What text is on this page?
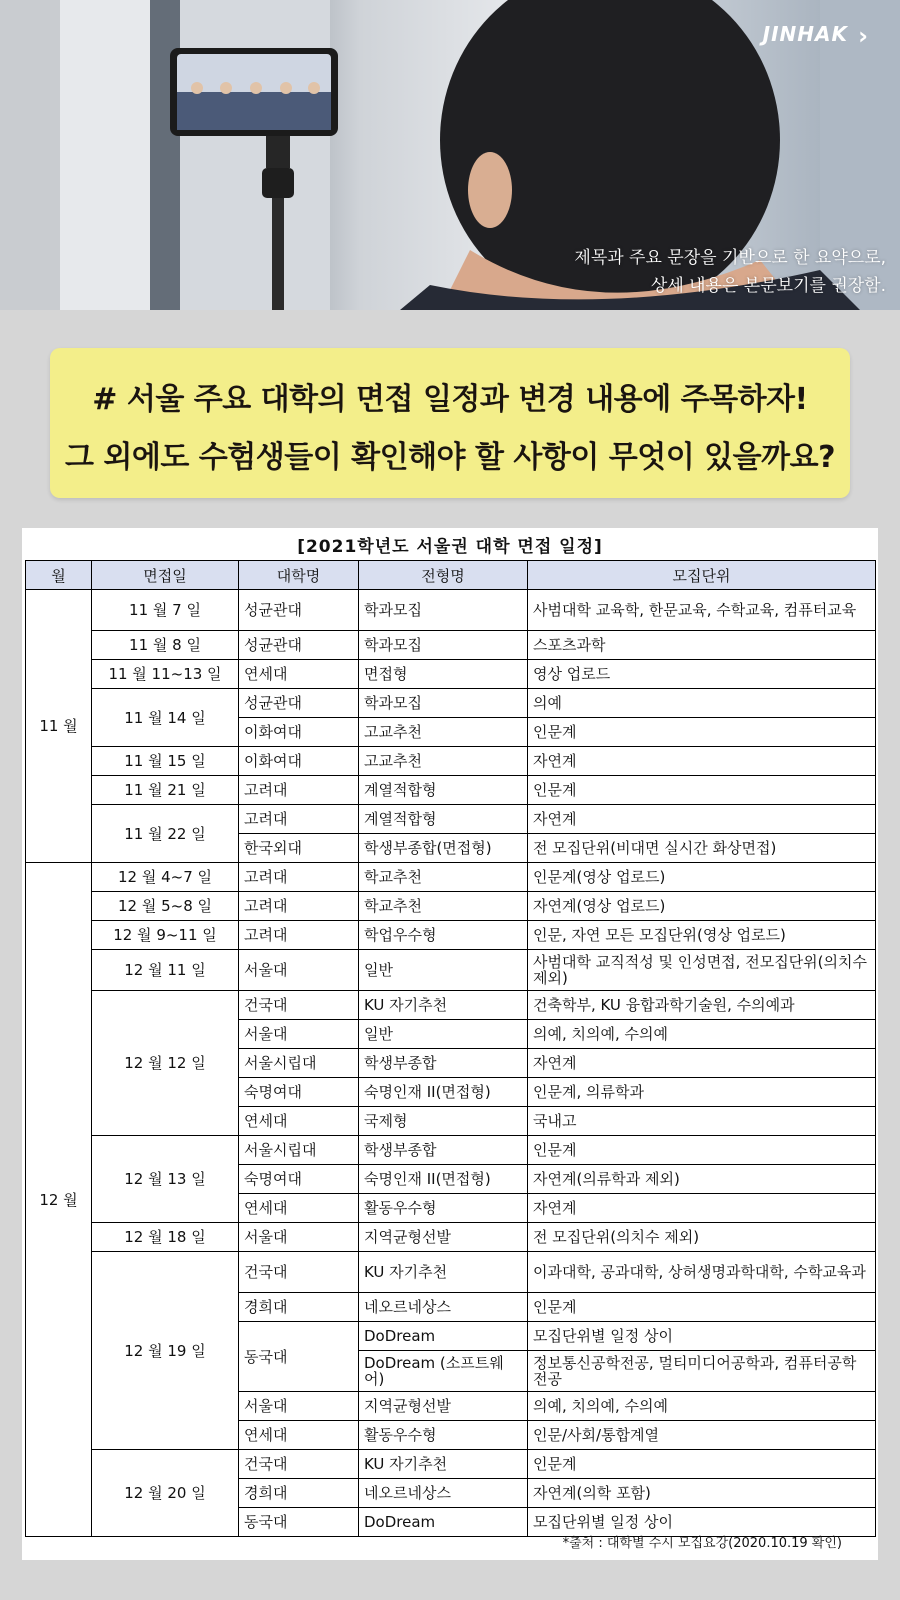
JINHAK ›
제목과 주요 문장을 기반으로 한 요약으로,
상세 내용은 본문보기를 권장함.
# 서울 주요 대학의 면접 일정과 변경 내용에 주목하자!
그 외에도 수험생들이 확인해야 할 사항이 무엇이 있을까요?
[2021학년도 서울권 대학 면접 일정]
월	면접일	대학명	전형명	모집단위
11 월	11 월 7 일	성균관대	학과모집	사범대학 교육학, 한문교육, 수학교육, 컴퓨터교육
	11 월 8 일	성균관대	학과모집	스포츠과학
	11 월 11~13 일	연세대	면접형	영상 업로드
	11 월 14 일	성균관대	학과모집	의예
		이화여대	고교추천	인문계
	11 월 15 일	이화여대	고교추천	자연계
	11 월 21 일	고려대	계열적합형	인문계
	11 월 22 일	고려대	계열적합형	자연계
		한국외대	학생부종합(면접형)	전 모집단위(비대면 실시간 화상면접)
12 월	12 월 4~7 일	고려대	학교추천	인문계(영상 업로드)
	12 월 5~8 일	고려대	학교추천	자연계(영상 업로드)
	12 월 9~11 일	고려대	학업우수형	인문, 자연 모든 모집단위(영상 업로드)
	12 월 11 일	서울대	일반	사범대학 교직적성 및 인성면접, 전모집단위(의치수 제외)
	12 월 12 일	건국대	KU 자기추천	건축학부, KU 융합과학기술원, 수의예과
		서울대	일반	의예, 치의예, 수의예
		서울시립대	학생부종합	자연계
		숙명여대	숙명인재 II(면접형)	인문계, 의류학과
		연세대	국제형	국내고
	12 월 13 일	서울시립대	학생부종합	인문계
		숙명여대	숙명인재 II(면접형)	자연계(의류학과 제외)
		연세대	활동우수형	자연계
	12 월 18 일	서울대	지역균형선발	전 모집단위(의치수 제외)
	12 월 19 일	건국대	KU 자기추천	이과대학, 공과대학, 상허생명과학대학, 수학교육과
		경희대	네오르네상스	인문계
		동국대	DoDream	모집단위별 일정 상이
			DoDream (소프트웨어)	정보통신공학전공, 멀티미디어공학과, 컴퓨터공학전공
		서울대	지역균형선발	의예, 치의예, 수의예
		연세대	활동우수형	인문/사회/통합계열
	12 월 20 일	건국대	KU 자기추천	인문계
		경희대	네오르네상스	자연계(의학 포함)
		동국대	DoDream	모집단위별 일정 상이
*출처 : 대학별 수시 모집요강(2020.10.19 확인)
